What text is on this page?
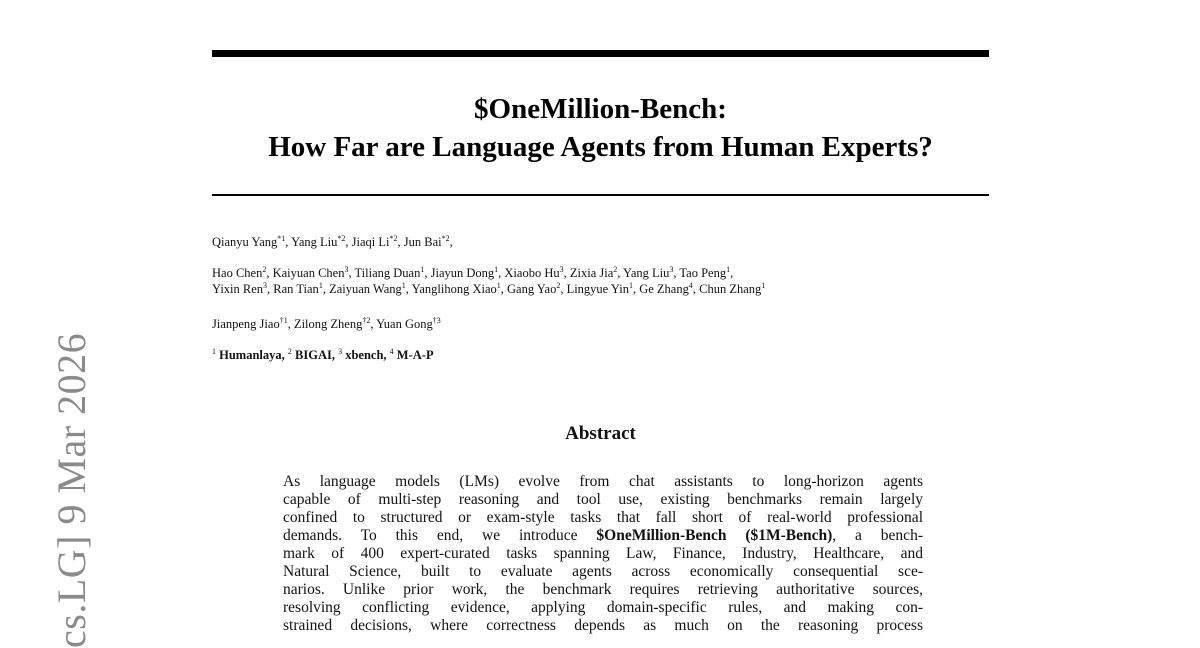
cs.LG] 9 Mar 2026
$OneMillion-Bench:
How Far are Language Agents from Human Experts?
Qianyu Yang$^{*1}$, Yang Liu$^{*2}$, Jiaqi Li$^{*2}$, Jun Bai$^{*2}$,
Hao Chen$^2$, Kaiyuan Chen$^3$, Tiliang Duan$^1$, Jiayun Dong$^1$, Xiaobo Hu$^3$, Zixia Jia$^2$, Yang Liu$^3$, Tao Peng$^1$,
Yixin Ren$^3$, Ran Tian$^1$, Zaiyuan Wang$^1$, Yanglihong Xiao$^1$, Gang Yao$^2$, Lingyue Yin$^1$, Ge Zhang$^4$, Chun Zhang$^1$
Jianpeng Jiao$^{\dagger 1}$, Zilong Zheng$^{\dagger 2}$, Yuan Gong$^{\dagger 3}$
$^1$ Humanlaya, $^2$ BIGAI, $^3$ xbench, $^4$ M-A-P
Abstract
As language models (LMs) evolve from chat assistants to long-horizon agents
capable of multi-step reasoning and tool use, existing benchmarks remain largely
confined to structured or exam-style tasks that fall short of real-world professional
demands. To this end, we introduce $OneMillion-Bench ($1M-Bench), a bench-
mark of 400 expert-curated tasks spanning Law, Finance, Industry, Healthcare, and
Natural Science, built to evaluate agents across economically consequential sce-
narios. Unlike prior work, the benchmark requires retrieving authoritative sources,
resolving conflicting evidence, applying domain-specific rules, and making con-
strained decisions, where correctness depends as much on the reasoning process
